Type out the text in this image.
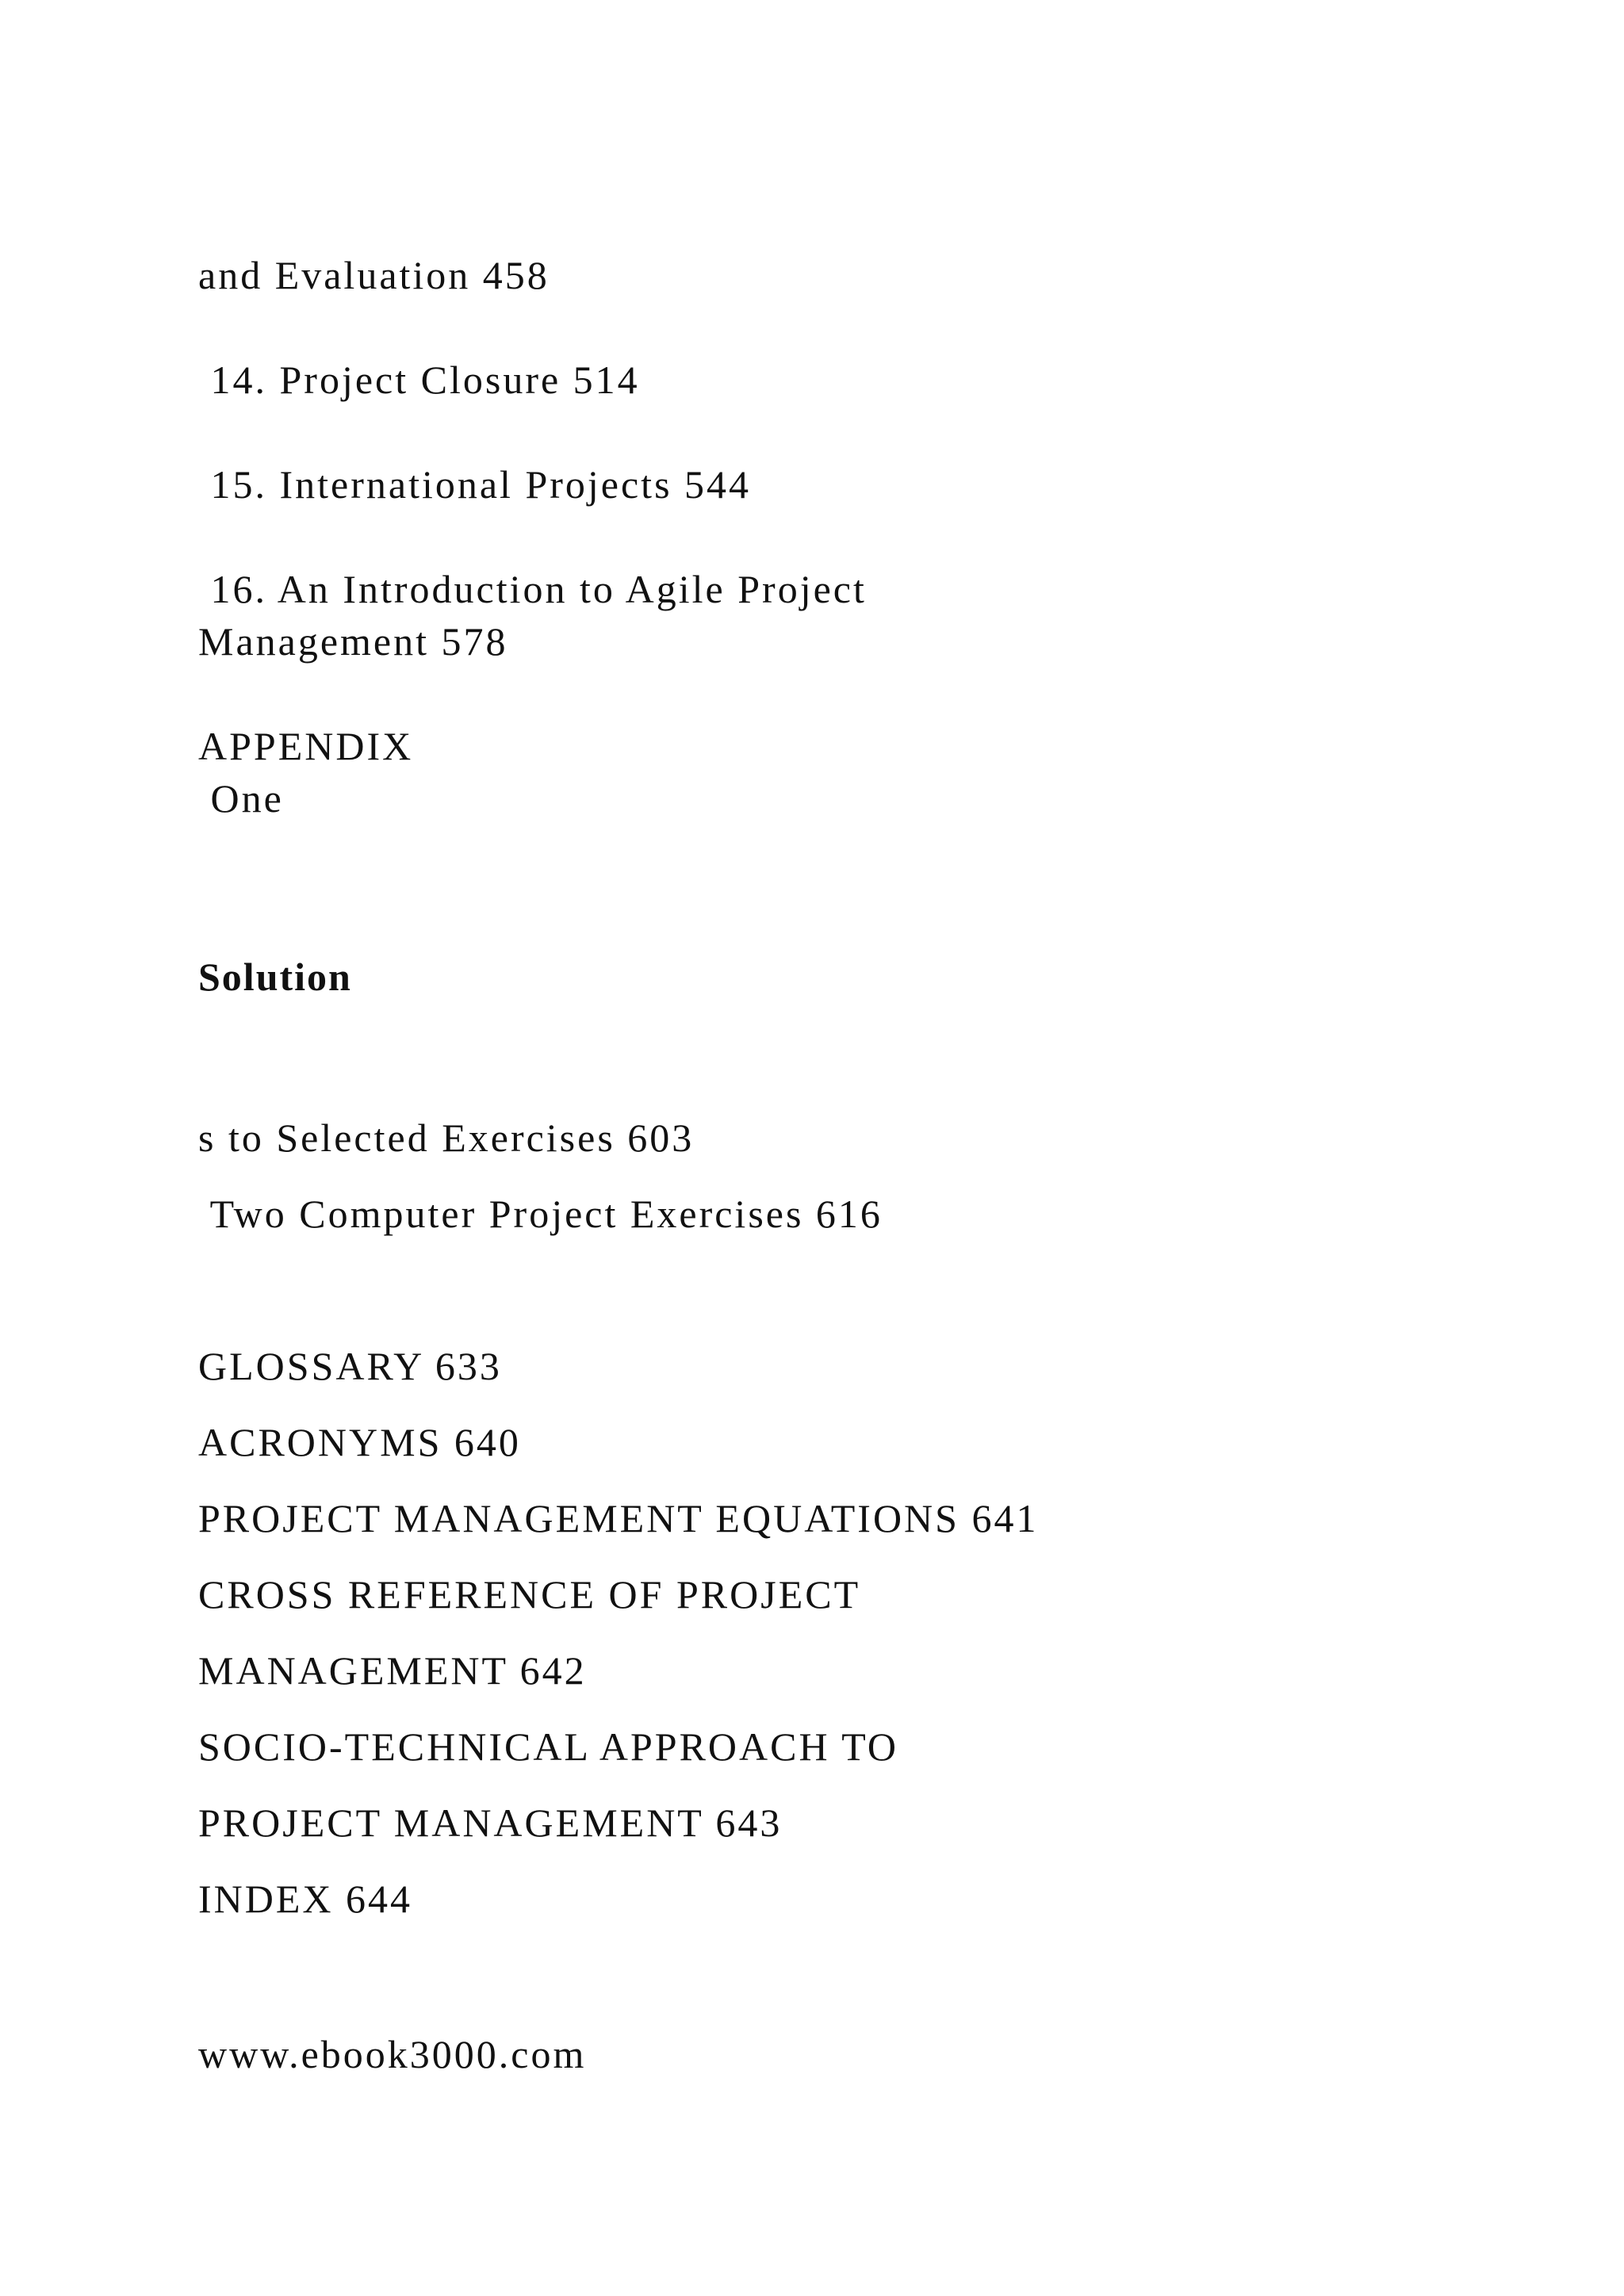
and Evaluation 458

14. Project Closure 514

15. International Projects 544

16. An Introduction to Agile Project

Management 578

APPENDIX

One

Solution

s to Selected Exercises 603

Two Computer Project Exercises 616

GLOSSARY 633

ACRONYMS 640

PROJECT MANAGEMENT EQUATIONS 641

CROSS REFERENCE OF PROJECT

MANAGEMENT 642

SOCIO-TECHNICAL APPROACH TO

PROJECT MANAGEMENT 643

INDEX 644

www.ebook3000.com
